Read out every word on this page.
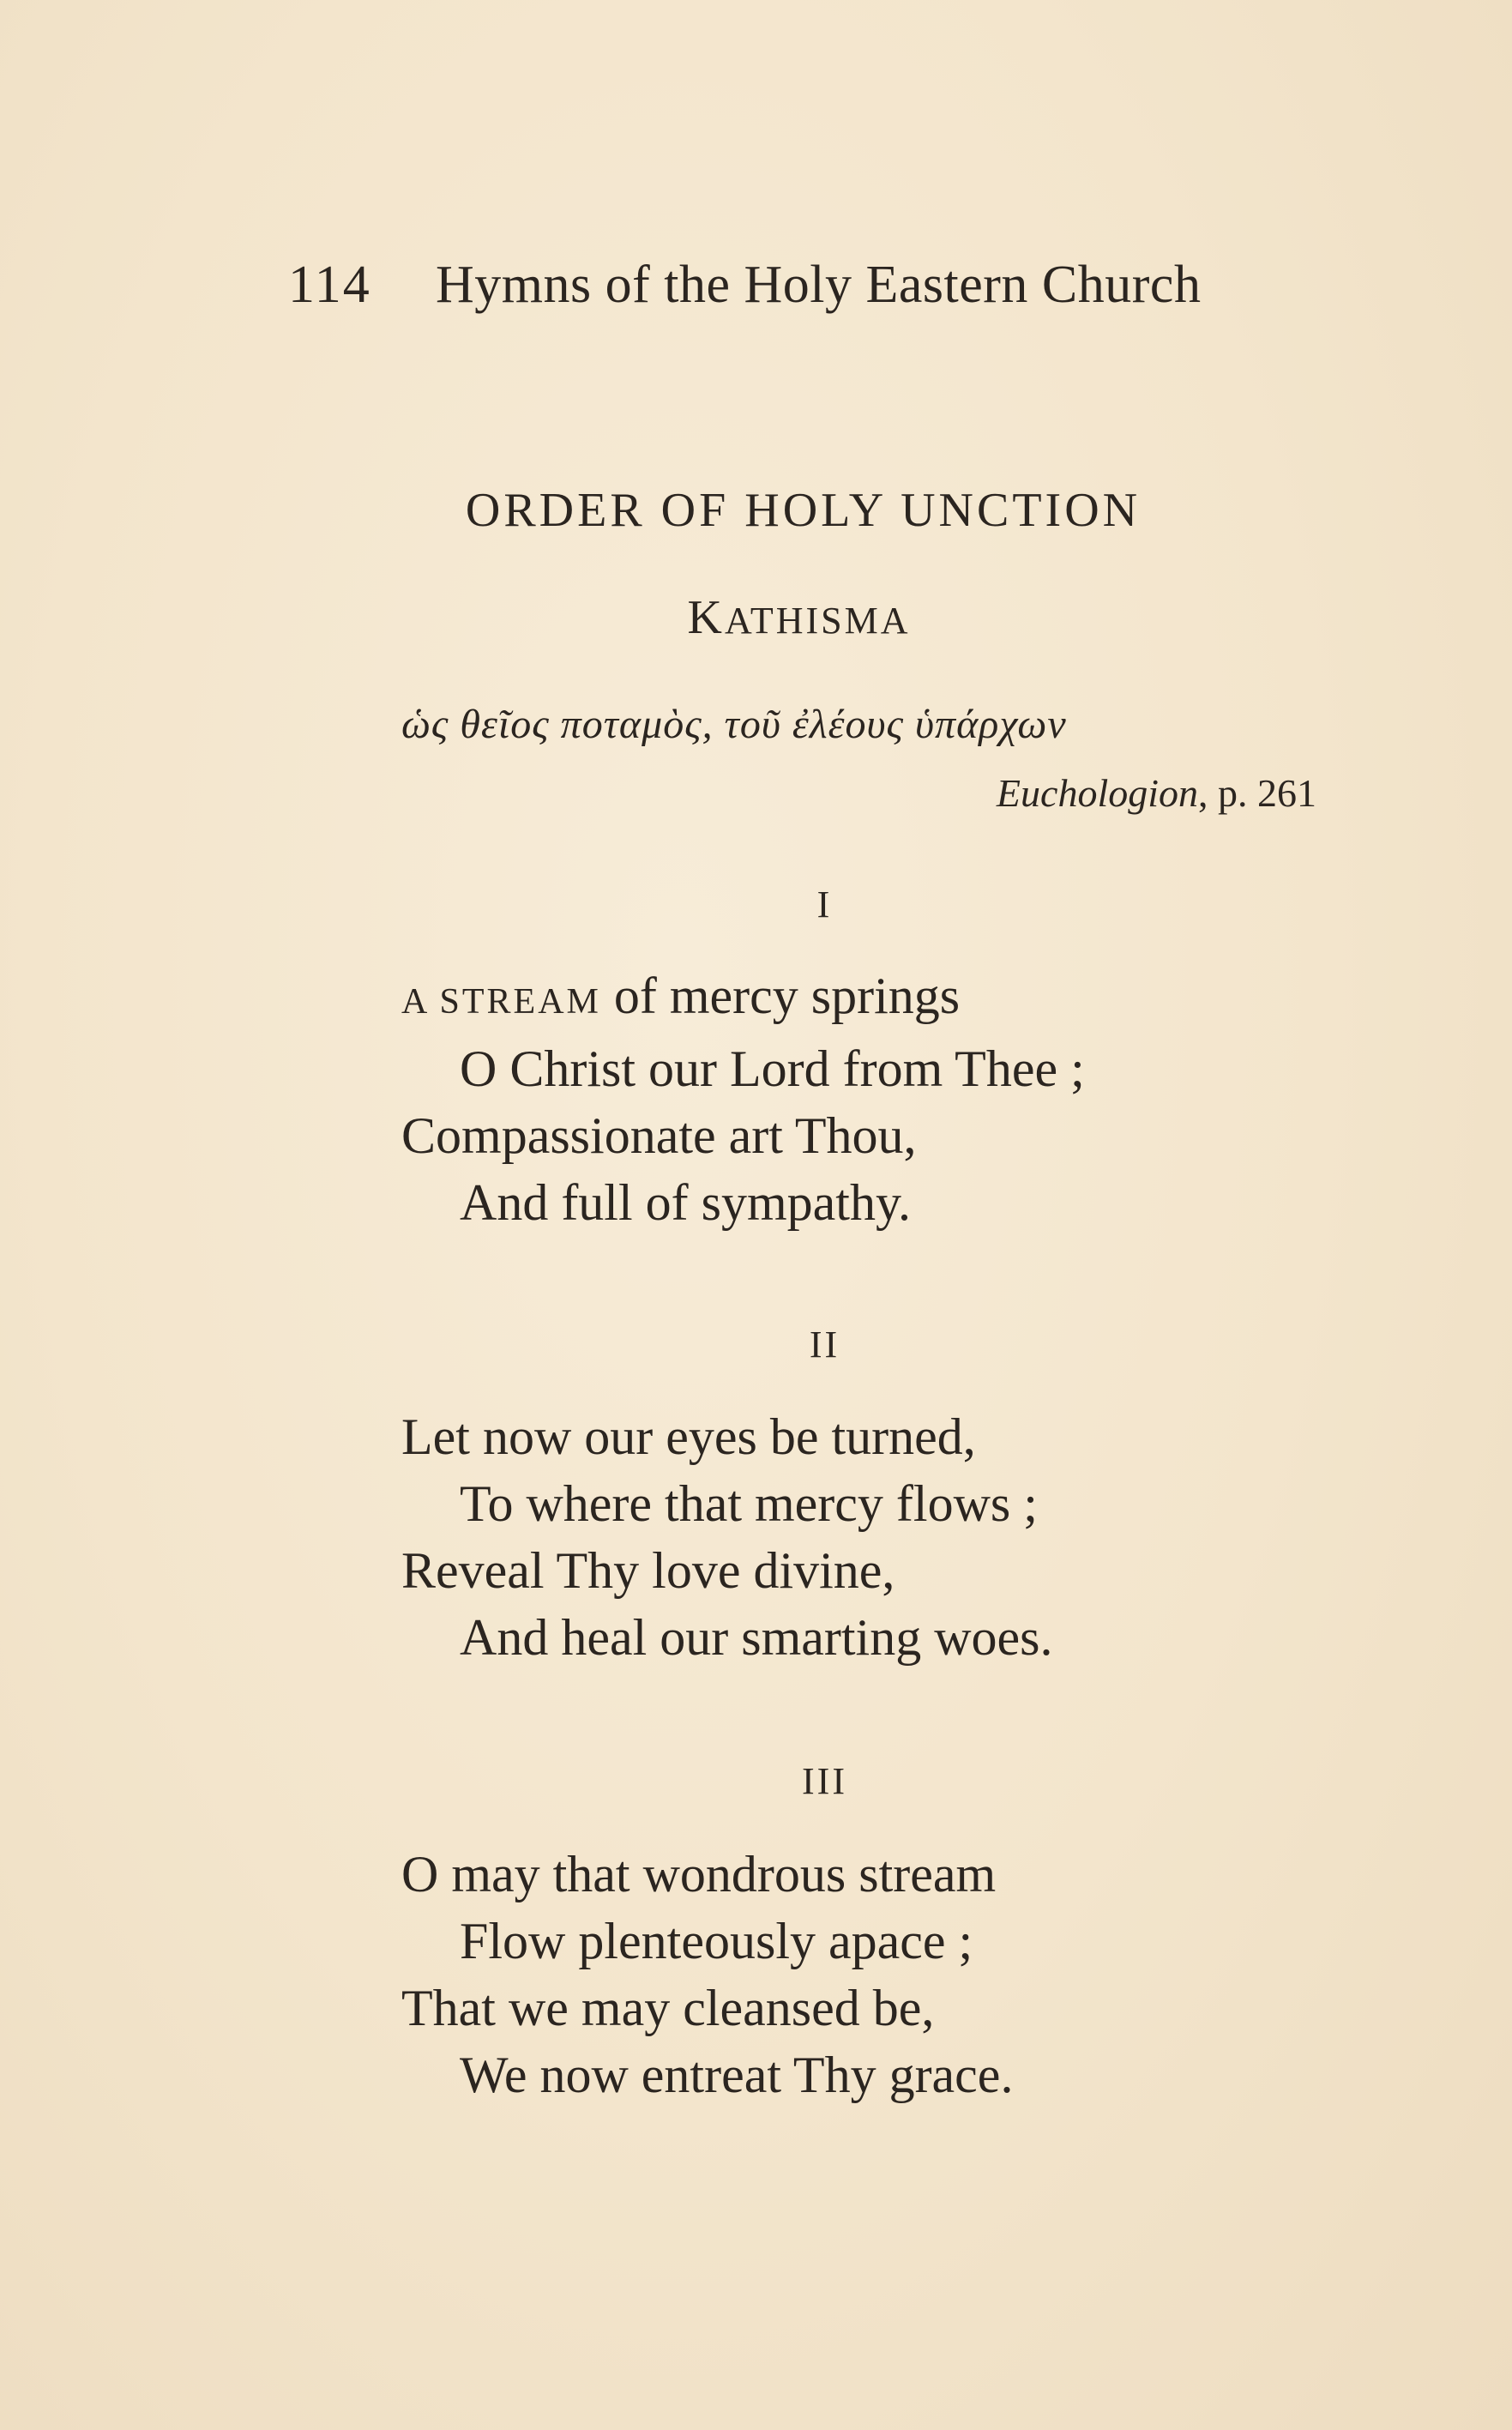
114 Hymns of the Holy Eastern Church
ORDER OF HOLY UNCTION
KATHISMA
ὡς θεῖος ποταμὸς, τοῦ ἐλέους ὑπάρχων
Euchologion, p. 261
I
A STREAM of mercy springs
O Christ our Lord from Thee ;
Compassionate art Thou,
And full of sympathy.
II
Let now our eyes be turned,
To where that mercy flows ;
Reveal Thy love divine,
And heal our smarting woes.
III
O may that wondrous stream
Flow plenteously apace ;
That we may cleansed be,
We now entreat Thy grace.
